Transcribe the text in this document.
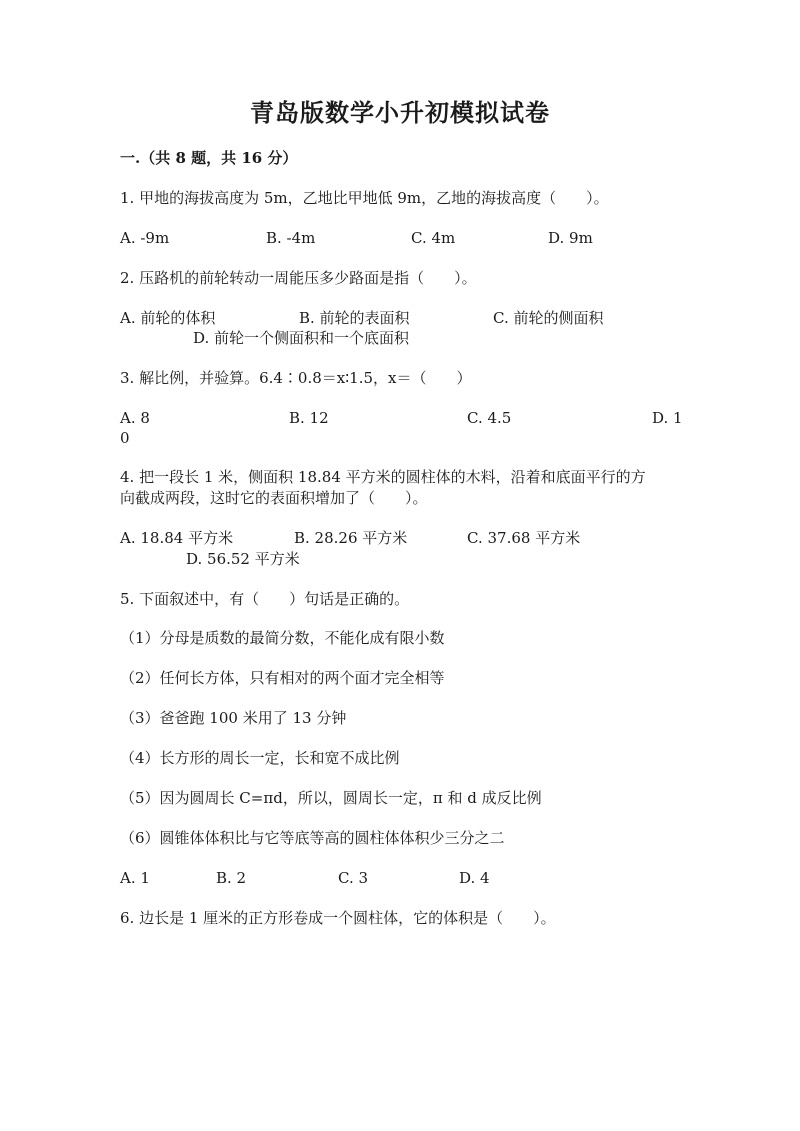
青岛版数学小升初模拟试卷
一.（共 8 题，共 16 分）
1. 甲地的海拔高度为 5m，乙地比甲地低 9m，乙地的海拔高度（　　）。
A. -9m	B. -4m	C. 4m	D. 9m
2. 压路机的前轮转动一周能压多少路面是指（　　）。
A. 前轮的体积	B. 前轮的表面积	C. 前轮的侧面积
D. 前轮一个侧面积和一个底面积
3. 解比例，并验算。6.4∶0.8＝x∶1.5，x＝（　　）
A. 8	B. 12	C. 4.5	D. 1
0
4. 把一段长 1 米，侧面积 18.84 平方米的圆柱体的木料，沿着和底面平行的方
向截成两段，这时它的表面积增加了（　　）。
A. 18.84 平方米	B. 28.26 平方米	C. 37.68 平方米
D. 56.52 平方米
5. 下面叙述中，有（　　）句话是正确的。
（1）分母是质数的最简分数，不能化成有限小数
（2）任何长方体，只有相对的两个面才完全相等
（3）爸爸跑 100 米用了 13 分钟
（4）长方形的周长一定，长和宽不成比例
（5）因为圆周长 C=πd，所以，圆周长一定，π 和 d 成反比例
（6）圆锥体体积比与它等底等高的圆柱体体积少三分之二
A. 1	B. 2	C. 3	D. 4
6. 边长是 1 厘米的正方形卷成一个圆柱体，它的体积是（　　）。
